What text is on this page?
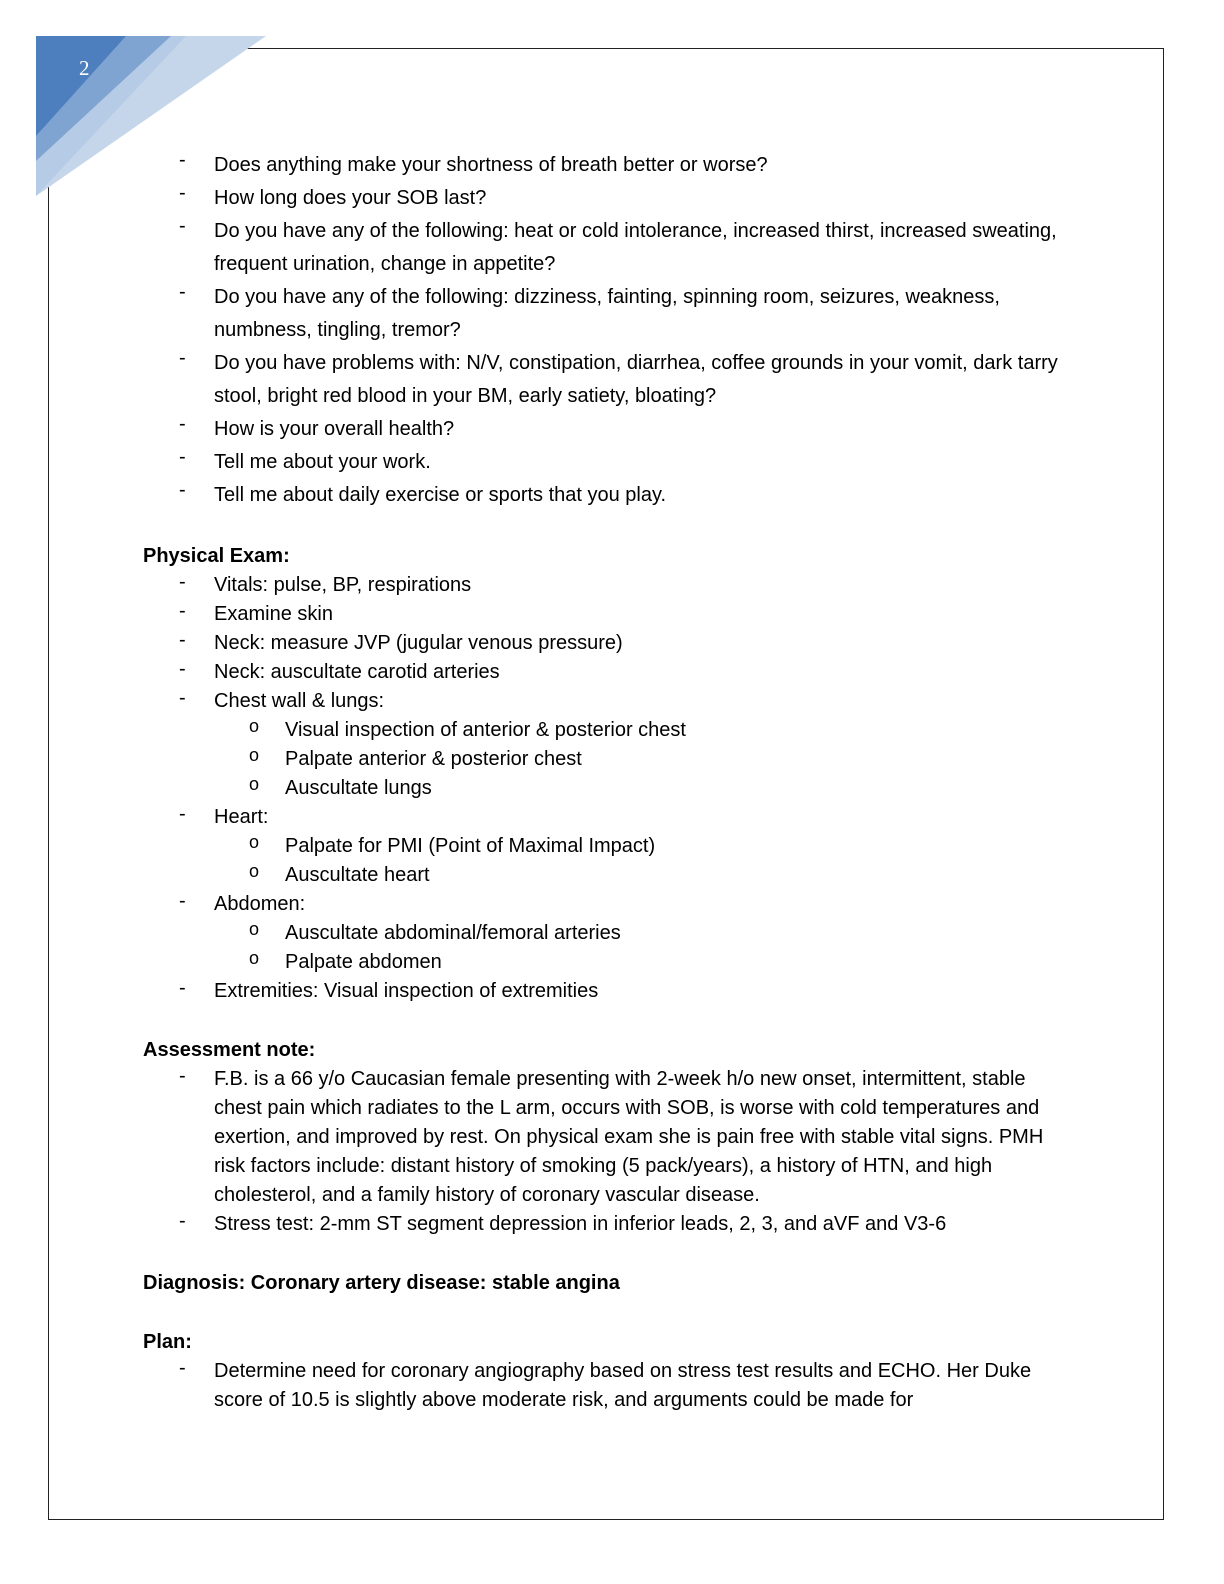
2
- Does anything make your shortness of breath better or worse?
- How long does your SOB last?
- Do you have any of the following: heat or cold intolerance, increased thirst, increased sweating, frequent urination, change in appetite?
- Do you have any of the following: dizziness, fainting, spinning room, seizures, weakness, numbness, tingling, tremor?
- Do you have problems with: N/V, constipation, diarrhea, coffee grounds in your vomit, dark tarry stool, bright red blood in your BM, early satiety, bloating?
- How is your overall health?
- Tell me about your work.
- Tell me about daily exercise or sports that you play.
Physical Exam:
- Vitals: pulse, BP, respirations
- Examine skin
- Neck: measure JVP (jugular venous pressure)
- Neck: auscultate carotid arteries
- Chest wall & lungs:
o Visual inspection of anterior & posterior chest
o Palpate anterior & posterior chest
o Auscultate lungs
- Heart:
o Palpate for PMI (Point of Maximal Impact)
o Auscultate heart
- Abdomen:
o Auscultate abdominal/femoral arteries
o Palpate abdomen
- Extremities: Visual inspection of extremities
Assessment note:
- F.B. is a 66 y/o Caucasian female presenting with 2-week h/o new onset, intermittent, stable chest pain which radiates to the L arm, occurs with SOB, is worse with cold temperatures and exertion, and improved by rest. On physical exam she is pain free with stable vital signs. PMH risk factors include: distant history of smoking (5 pack/years), a history of HTN, and high cholesterol, and a family history of coronary vascular disease.
- Stress test: 2-mm ST segment depression in inferior leads, 2, 3, and aVF and V3-6
Diagnosis: Coronary artery disease: stable angina
Plan:
- Determine need for coronary angiography based on stress test results and ECHO. Her Duke score of 10.5 is slightly above moderate risk, and arguments could be made for
